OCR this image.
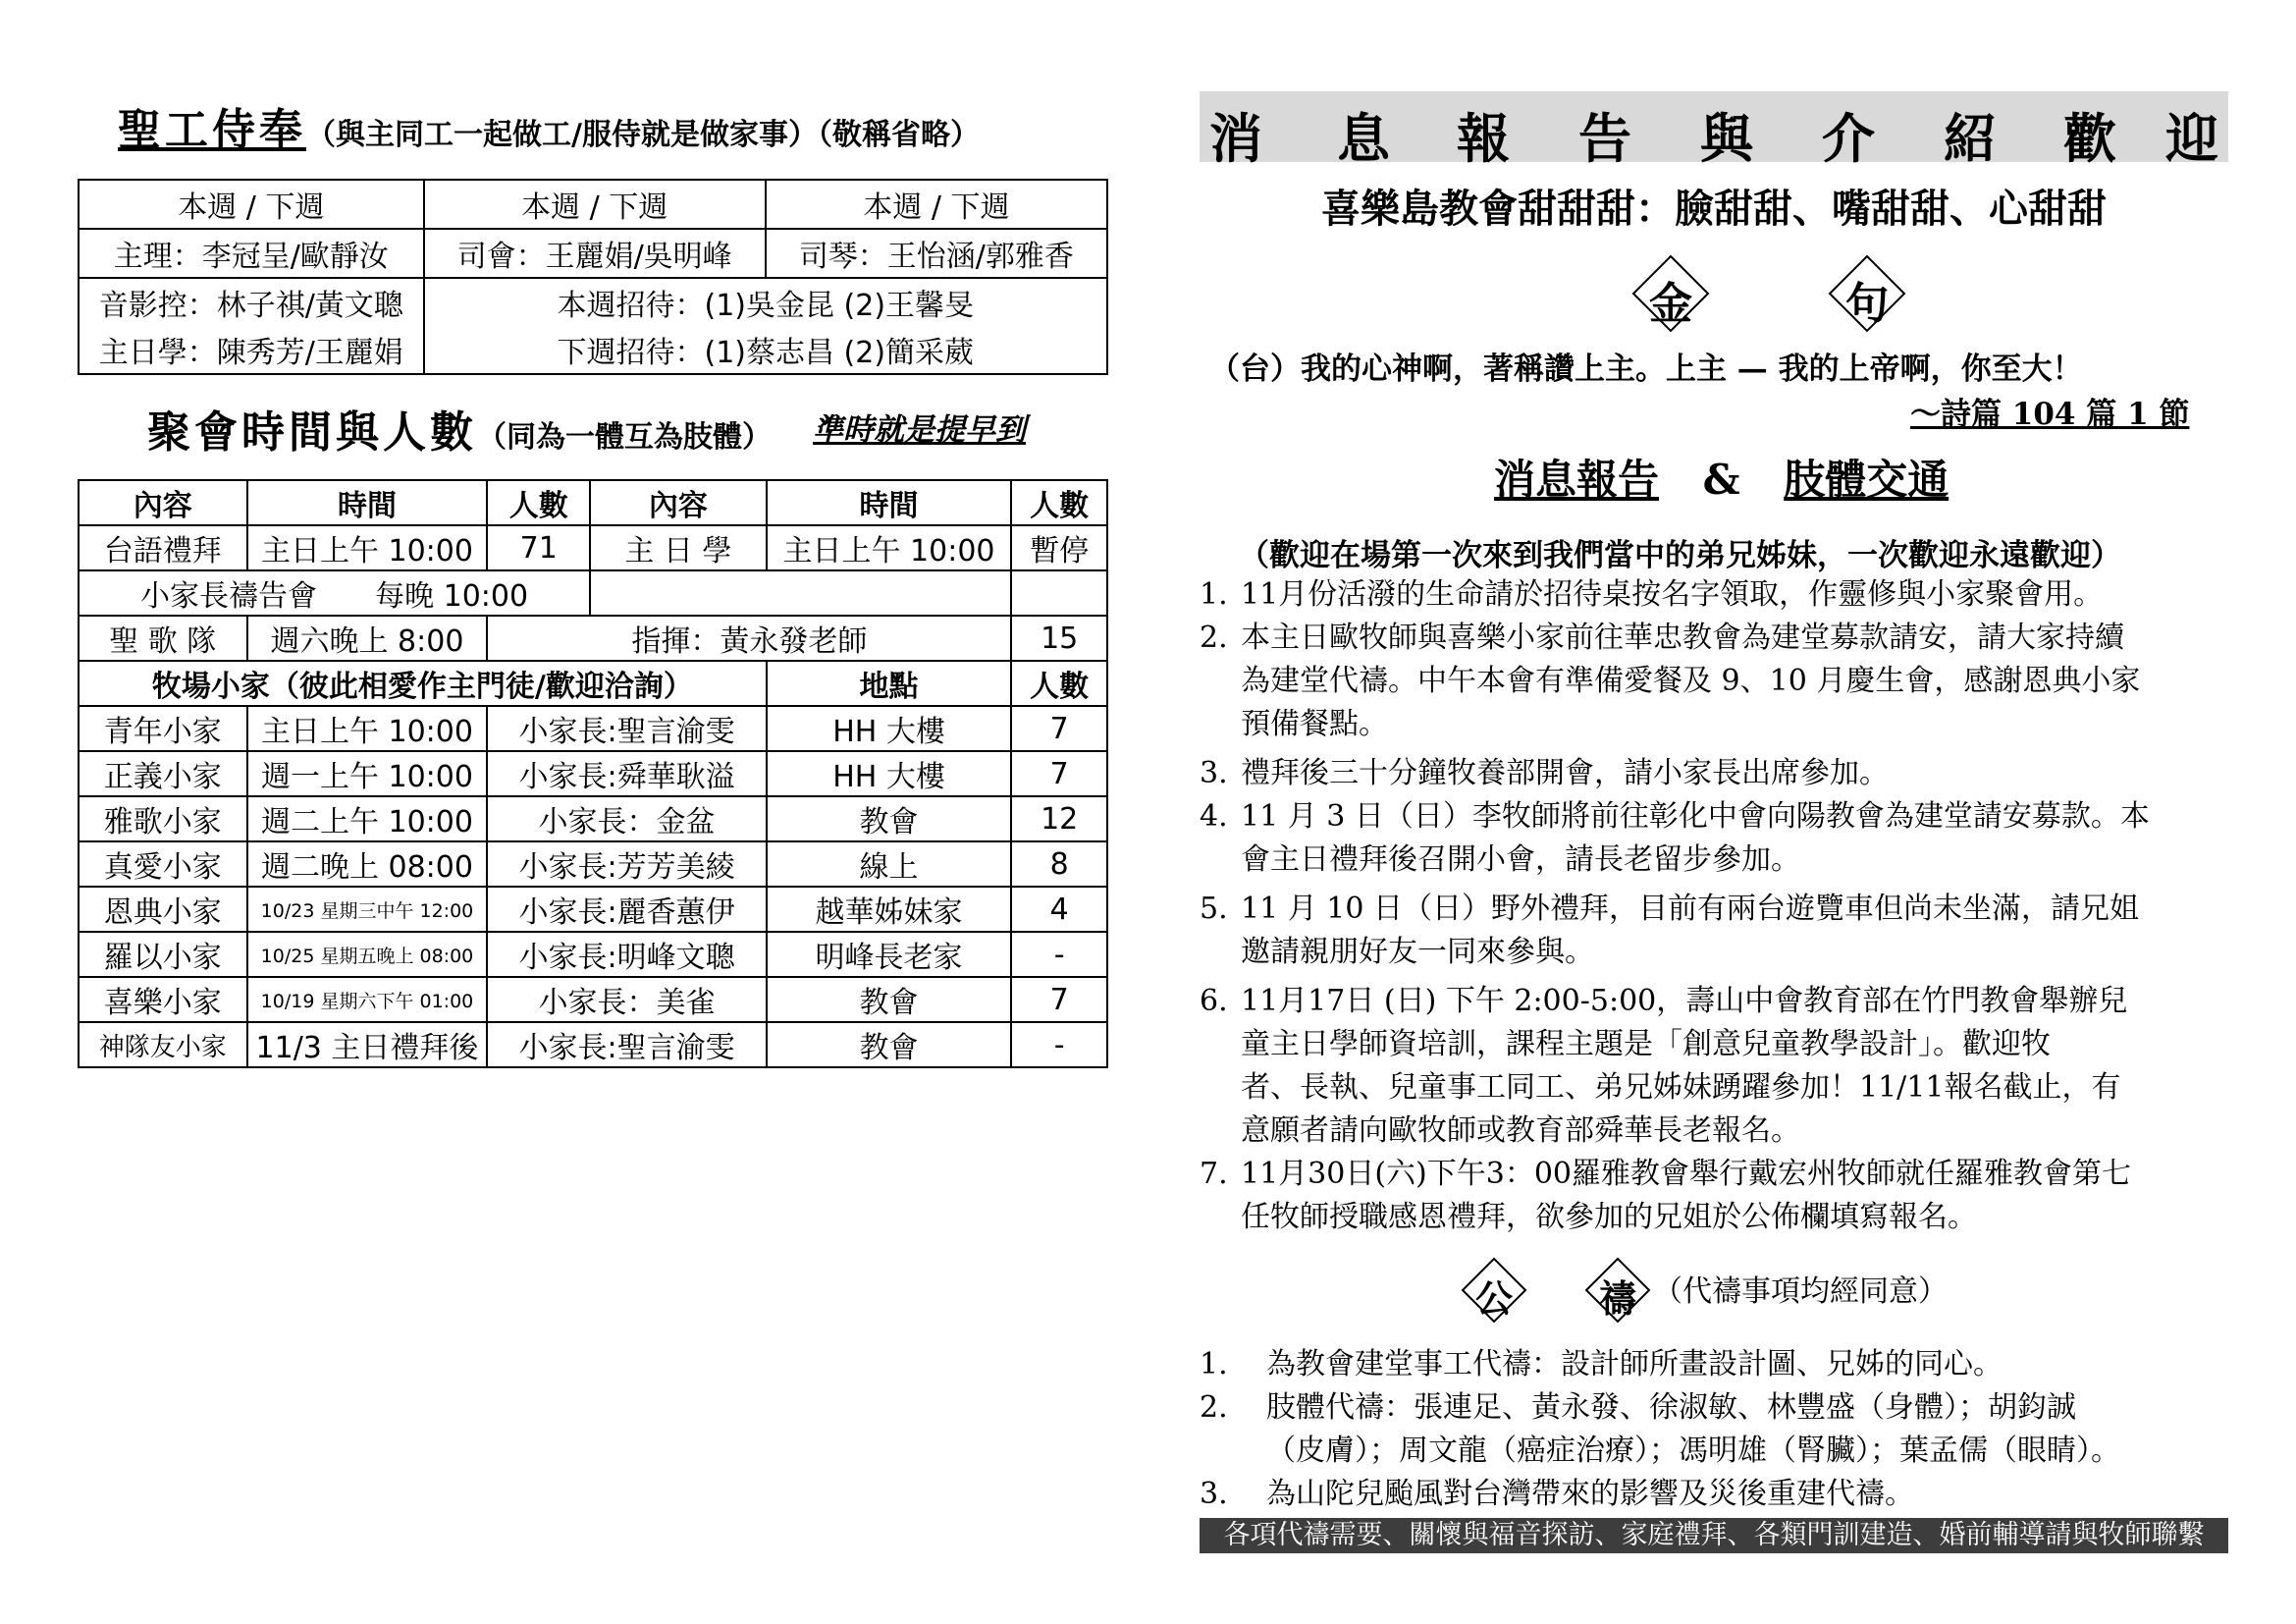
聖工侍奉（與主同工一起做工/服侍就是做家事）（敬稱省略）
本週 / 下週	本週 / 下週	本週 / 下週
主理：李冠呈/歐靜汝	司會：王麗娟/吳明峰	司琴：王怡涵/郭雅香
音影控：林子祺/黃文聰	本週招待：(1)吳金昆 (2)王馨旻	
主日學：陳秀芳/王麗娟	下週招待：(1)蔡志昌 (2)簡采葳	
聚會時間與人數（同為一體互為肢體） 準時就是提早到
內容	時間	人數	內容	時間	人數
台語禮拜	主日上午 10:00	71	主 日 學	主日上午 10:00	暫停
小家長禱告會 每晚 10:00					
聖 歌 隊	週六晚上 8:00	指揮：黃永發老師			15
牧場小家（彼此相愛作主門徒/歡迎洽詢）				地點	人數
青年小家	主日上午 10:00	小家長:聖言渝雯		HH 大樓	7
正義小家	週一上午 10:00	小家長:舜華耿溢		HH 大樓	7
雅歌小家	週二上午 10:00	小家長：金盆		教會	12
真愛小家	週二晚上 08:00	小家長:芳芳美綾		線上	8
恩典小家	10/23 星期三中午 12:00	小家長:麗香蕙伊		越華姊妹家	4
羅以小家	10/25 星期五晚上 08:00	小家長:明峰文聰		明峰長老家	-
喜樂小家	10/19 星期六下午 01:00	小家長：美雀		教會	7
神隊友小家	11/3 主日禮拜後	小家長:聖言渝雯		教會	-
消 息 報 告 與 介 紹 歡 迎
喜樂島教會甜甜甜：臉甜甜、嘴甜甜、心甜甜
金	句
（台）我的心神啊，著稱讚上主。上主 — 我的上帝啊，你至大！
～詩篇 104 篇 1 節
消息報告 & 肢體交通
（歡迎在場第一次來到我們當中的弟兄姊妹，一次歡迎永遠歡迎）
1. 11月份活潑的生命請於招待桌按名字領取，作靈修與小家聚會用。
2. 本主日歐牧師與喜樂小家前往華忠教會為建堂募款請安，請大家持續
為建堂代禱。中午本會有準備愛餐及 9、10 月慶生會，感謝恩典小家
預備餐點。
3. 禮拜後三十分鐘牧養部開會，請小家長出席參加。
4. 11 月 3 日（日）李牧師將前往彰化中會向陽教會為建堂請安募款。本
會主日禮拜後召開小會，請長老留步參加。
5. 11 月 10 日（日）野外禮拜，目前有兩台遊覽車但尚未坐滿，請兄姐
邀請親朋好友一同來參與。
6. 11月17日 (日) 下午 2:00-5:00，壽山中會教育部在竹門教會舉辦兒
童主日學師資培訓，課程主題是「創意兒童教學設計」。歡迎牧
者、長執、兒童事工同工、弟兄姊妹踴躍參加！11/11報名截止，有
意願者請向歐牧師或教育部舜華長老報名。
7. 11月30日(六)下午3：00羅雅教會舉行戴宏州牧師就任羅雅教會第七
任牧師授職感恩禮拜，欲參加的兄姐於公佈欄填寫報名。
公	禱 （代禱事項均經同意）
1.	為教會建堂事工代禱：設計師所畫設計圖、兄姊的同心。
2.	肢體代禱：張連足、黃永發、徐淑敏、林豐盛（身體）；胡鈞誠
（皮膚）；周文龍（癌症治療）；馮明雄（腎臟）；葉孟儒（眼睛）。
3.	為山陀兒颱風對台灣帶來的影響及災後重建代禱。
各項代禱需要、關懷與福音探訪、家庭禮拜、各類門訓建造、婚前輔導請與牧師聯繫
